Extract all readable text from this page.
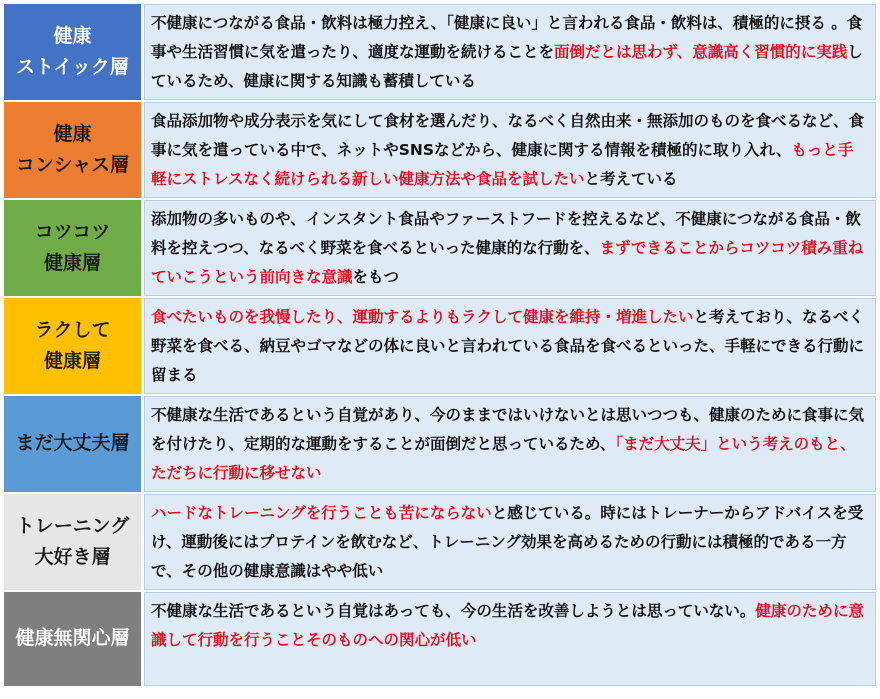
健康
ストイック層
不健康につながる食品・飲料は極力控え、「健康に良い」と言われる食品・飲料は、積極的に摂る 。食事や生活習慣に気を遣ったり、適度な運動を続けることを面倒だとは思わず、意識高く習慣的に実践しているため、健康に関する知識も蓄積している
健康
コンシャス層
食品添加物や成分表示を気にして食材を選んだり、なるべく自然由来・無添加のものを食べるなど、食事に気を遣っている中で、ネットやSNSなどから、健康に関する情報を積極的に取り入れ、もっと手軽にストレスなく続けられる新しい健康方法や食品を試したいと考えている
コツコツ
健康層
添加物の多いものや、インスタント食品やファーストフードを控えるなど、不健康につながる食品・飲料を控えつつ、なるべく野菜を食べるといった健康的な行動を、まずできることからコツコツ積み重ねていこうという前向きな意識をもつ
ラクして
健康層
食べたいものを我慢したり、運動するよりもラクして健康を維持・増進したいと考えており、なるべく野菜を食べる、納豆やゴマなどの体に良いと言われている食品を食べるといった、手軽にできる行動に留まる
まだ大丈夫層
不健康な生活であるという自覚があり、今のままではいけないとは思いつつも、健康のために食事に気を付けたり、定期的な運動をすることが面倒だと思っているため、「まだ大丈夫」という考えのもと、ただちに行動に移せない
トレーニング
大好き層
ハードなトレーニングを行うことも苦にならないと感じている。時にはトレーナーからアドバイスを受け、運動後にはプロテインを飲むなど、トレーニング効果を高めるための行動には積極的である一方で、その他の健康意識はやや低い
健康無関心層
不健康な生活であるという自覚はあっても、今の生活を改善しようとは思っていない。健康のために意識して行動を行うことそのものへの関心が低い
